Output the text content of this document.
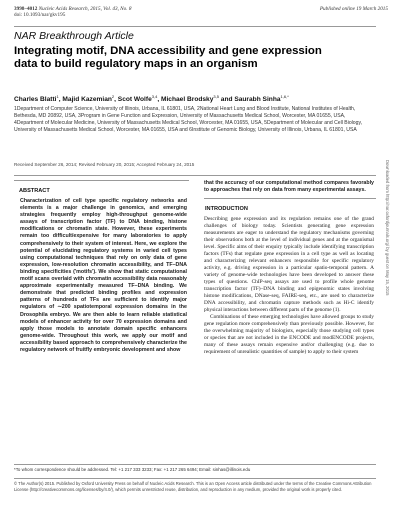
3998–4012 Nucleic Acids Research, 2015, Vol. 43, No. 8
doi: 10.1093/nar/gkv195
Published online 19 March 2015
NAR Breakthrough Article
Integrating motif, DNA accessibility and gene expression data to build regulatory maps in an organism
Charles Blatti$^1$, Majid Kazemian$^2$, Scot Wolfe$^{3,4}$, Michael Brodsky$^{3,5}$ and Saurabh Sinha$^{1,6,*}$
1Department of Computer Science, University of Illinois, Urbana, IL 61801, USA, 2National Heart Lung and Blood Institute, National Institutes of Health, Bethesda, MD 20892, USA, 3Program in Gene Function and Expression, University of Massachusetts Medical School, Worcester, MA 01655, USA, 4Department of Molecular Medicine, University of Massachusetts Medical School, Worcester, MA 01655, USA, 5Department of Molecular and Cell Biology, University of Massachusetts Medical School, Worcester, MA 01655, USA and 6Institute of Genomic Biology, University of Illinois, Urbana, IL 61801, USA
Received September 26, 2014; Revised February 20, 2015; Accepted February 24, 2015	Downloaded from http://nar.oxfordjournals.org/ by guest on May 15, 2015
ABSTRACT

Characterization of cell type specific regulatory networks and elements is a major challenge in genomics, and emerging strategies frequently employ high-throughput genome-wide assays of transcription factor (TF) to DNA binding, histone modifications or chromatin state. However, these experiments remain too difficult/expensive for many laboratories to apply comprehensively to their system of interest. Here, we explore the potential of elucidating regulatory systems in varied cell types using computational techniques that rely on only data of gene expression, low-resolution chromatin accessibility, and TF–DNA binding specificities ('motifs'). We show that static computational motif scans overlaid with chromatin accessibility data reasonably approximate experimentally measured TF–DNA binding. We demonstrate that predicted binding profiles and expression patterns of hundreds of TFs are sufficient to identify major regulators of ∼200 spatiotemporal expression domains in the Drosophila embryo. We are then able to learn reliable statistical models of enhancer activity for over 70 expression domains and apply those models to annotate domain specific enhancers genome-wide. Throughout this work, we apply our motif and accessibility based approach to comprehensively characterize the regulatory network of fruitfly embryonic development and show

that the accuracy of our computational method compares favorably to approaches that rely on data from many experimental assays.

INTRODUCTION

Describing gene expression and its regulation remains one of the grand challenges of biology today. Scientists generating gene expression measurements are eager to understand the regulatory mechanisms governing their observations both at the level of individual genes and at the organismal level. Specific aims of their enquiry typically include identifying transcription factors (TFs) that regulate gene expression in a cell type as well as locating and characterizing relevant enhancers responsible for specific regulatory activity, e.g. driving expression in a particular spatio-temporal pattern. A variety of genome-wide technologies have been developed to answer these types of questions. ChIP-seq assays are used to profile whole genome transcription factor (TF)–DNA binding and epigenomic states involving histone modifications, DNase-seq, FAIRE-seq, etc., are used to characterize DNA accessibility, and chromatin capture methods such as Hi-C identify physical interactions between different parts of the genome (1).

Combinations of these emerging technologies have allowed groups to study gene regulation more comprehensively than previously possible. However, for the overwhelming majority of biologists, especially those studying cell types or species that are not included in the ENCODE and modENCODE projects, many of these assays remain expensive and/or challenging (e.g. due to requirement of unrealistic quantities of sample) to apply to their system

*To whom correspondence should be addressed. Tel: +1 217 333 3233; Fax: +1 217 265 6494; Email: sinhas@illinois.edu
© The Author(s) 2015. Published by Oxford University Press on behalf of Nucleic Acids Research. This is an Open Access article distributed under the terms of the Creative Commons Attribution License (http://creativecommons.org/licenses/by/4.0/), which permits unrestricted reuse, distribution, and reproduction in any medium, provided the original work is properly cited.
